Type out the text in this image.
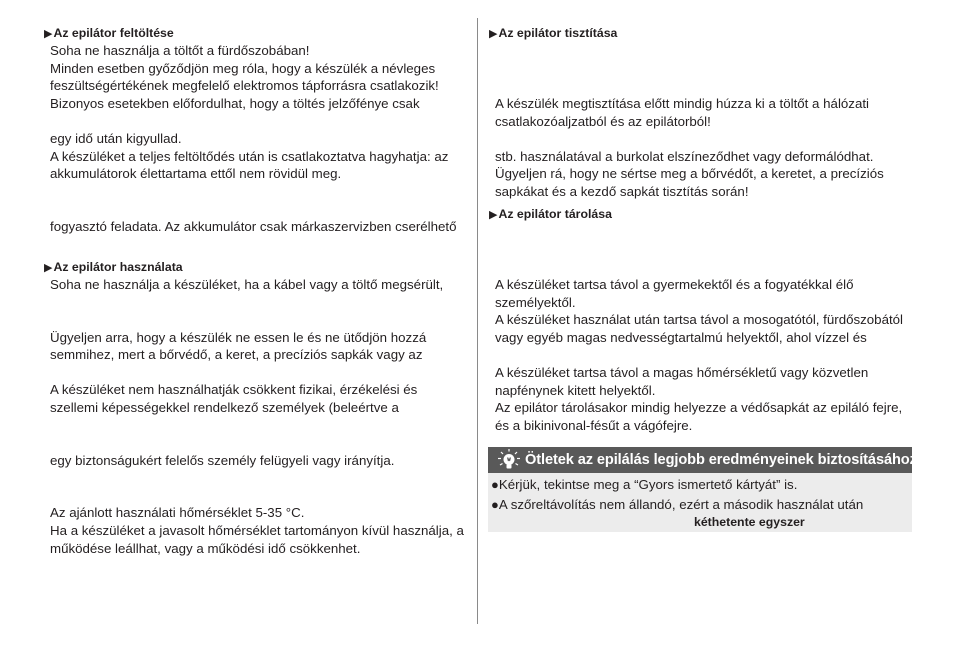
▶Az epilátor feltöltése
Soha ne használja a töltőt a fürdőszobában!
Minden esetben győződjön meg róla, hogy a készülék a névleges
feszültségértékének megfelelő elektromos tápforrásra csatlakozik!
Bizonyos esetekben előfordulhat, hogy a töltés jelzőfénye csak
egy idő után kigyullad.
A készüléket a teljes feltöltődés után is csatlakoztatva hagyhatja: az
akkumulátorok élettartama ettől nem rövidül meg.
fogyasztó feladata. Az akkumulátor csak márkaszervizben cserélhető
▶Az epilátor használata
Soha ne használja a készüléket, ha a kábel vagy a töltő megsérült,
Ügyeljen arra, hogy a készülék ne essen le és ne ütődjön hozzá
semmihez, mert a bőrvédő, a keret, a precíziós sapkák vagy az
A készüléket nem használhatják csökkent fizikai, érzékelési és
szellemi képességekkel rendelkező személyek (beleértve a
egy biztonságukért felelős személy felügyeli vagy irányítja.
Az ajánlott használati hőmérséklet 5-35 °C.
Ha a készüléket a javasolt hőmérséklet tartományon kívül használja, a
működése leállhat, vagy a működési idő csökkenhet.
▶Az epilátor tisztítása
A készülék megtisztítása előtt mindig húzza ki a töltőt a hálózati
csatlakozóaljzatból és az epilátorból!
stb. használatával a burkolat elszíneződhet vagy deformálódhat.
Ügyeljen rá, hogy ne sértse meg a bőrvédőt, a keretet, a precíziós
sapkákat és a kezdő sapkát tisztítás során!
▶Az epilátor tárolása
A készüléket tartsa távol a gyermekektől és a fogyatékkal élő
személyektől.
A készüléket használat után tartsa távol a mosogatótól, fürdőszobától
vagy egyéb magas nedvességtartalmú helyektől, ahol vízzel és
A készüléket tartsa távol a magas hőmérsékletű vagy közvetlen
napfénynek kitett helyektől.
Az epilátor tárolásakor mindig helyezze a védősapkát az epiláló fejre,
és a bikinivonal-fésűt a vágófejre.
Ötletek az epilálás legjobb eredményeinek biztosításához
●Kérjük, tekintse meg a “Gyors ismertető kártyát” is.
●A szőreltávolítás nem állandó, ezért a második használat után
kéthetente egyszer
